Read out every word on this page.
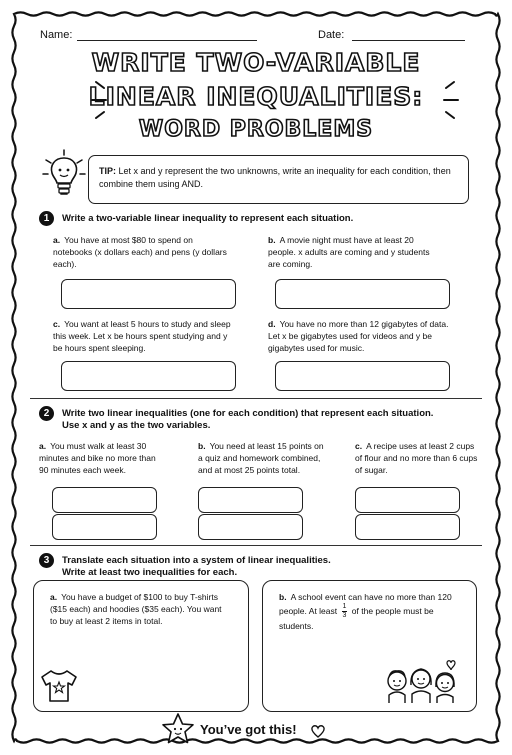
Name:	Date:
WRITE TWO-VARIABLE
LINEAR INEQUALITIES:
WORD PROBLEMS
TIP: Let x and y represent the two unknowns, write an inequality for each condition, then combine them using AND.
1	Write a two-variable linear inequality to represent each situation.
a. You have at most $80 to spend on notebooks (x dollars each) and pens (y dollars each).
b. A movie night must have at least 20 people. x adults are coming and y students are coming.
c. You want at least 5 hours to study and sleep this week. Let x be hours spent studying and y be hours spent sleeping.
d. You have no more than 12 gigabytes of data. Let x be gigabytes used for videos and y be gigabytes used for music.
2	Write two linear inequalities (one for each condition) that represent each situation.
Use x and y as the two variables.
a. You must walk at least 30 minutes and bike no more than 90 minutes each week.
b. You need at least 15 points on a quiz and homework combined, and at most 25 points total.
c. A recipe uses at least 2 cups of flour and no more than 6 cups of sugar.
3	Translate each situation into a system of linear inequalities.
Write at least two inequalities for each.
a. You have a budget of $100 to buy T-shirts ($15 each) and hoodies ($35 each). You want to buy at least 2 items in total.
b. A school event can have no more than 120 people. At least $\frac{1}{3}$ of the people must be students.
You’ve got this!
